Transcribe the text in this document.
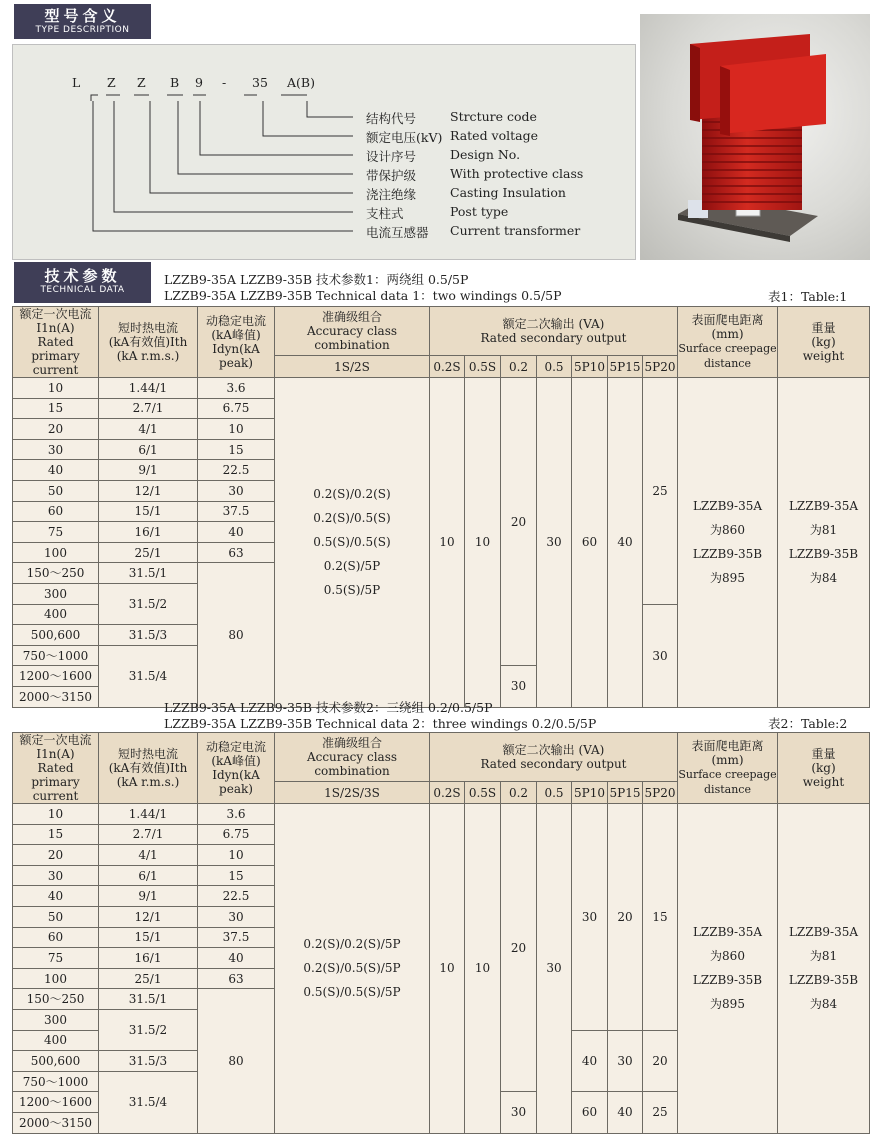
型号含义
TYPE DESCRIPTION
L Z Z B 9 - 35 A(B)
结构代号	Strcture code
额定电压(kV) Rated voltage
设计序号	Design No.
带保护级	With protective class
浇注绝缘	Casting Insulation
支柱式	Post type
电流互感器 Current transformer
技术参数
TECHNICAL DATA
LZZB9-35A LZZB9-35B 技术参数1：两绕组 0.5/5P
LZZB9-35A LZZB9-35B Technical data 1：two windings 0.5/5P	表1：Table:1
额定一次电流
I1n(A)
Rated primary
current	短时热电流
(kA有效值)Ith
(kA r.m.s.)	动稳定电流
(kA峰值)
Idyn(kA peak)	准确级组合
Accuracy class combination	额定二次输出 (VA)
Rated secondary output							表面爬电距离
(mm)
Surface creepage
distance	重量
(kg)
weight
			1S/2S	0.2S	0.5S	0.2	0.5	5P10	5P15	5P20		
10	1.44/1	3.6	0.2(S)/0.2(S)
0.2(S)/0.5(S)
0.5(S)/0.5(S)
0.2(S)/5P
0.5(S)/5P	10	10	20	30	60	40	25	LZZB9-35A
为860
LZZB9-35B
为895	LZZB9-35A
为81
LZZB9-35B
为84
15	2.7/1	6.75										
20	4/1	10										
30	6/1	15										
40	9/1	22.5										
50	12/1	30										
60	15/1	37.5										
75	16/1	40										
100	25/1	63										
150～250	31.5/1	80										
300	31.5/2											
400										30		
500,600	31.5/3											
750～1000	31.5/4											
1200～1600						30						
2000～3150												
LZZB9-35A LZZB9-35B 技术参数2：三绕组 0.2/0.5/5P
LZZB9-35A LZZB9-35B Technical data 2：three windings 0.2/0.5/5P	表2：Table:2
额定一次电流
I1n(A)
Rated primary
current	短时热电流
(kA有效值)Ith
(kA r.m.s.)	动稳定电流
(kA峰值)
Idyn(kA peak)	准确级组合
Accuracy class combination	额定二次输出 (VA)
Rated secondary output							表面爬电距离
(mm)
Surface creepage
distance	重量
(kg)
weight
			1S/2S/3S	0.2S	0.5S	0.2	0.5	5P10	5P15	5P20		
10	1.44/1	3.6	0.2(S)/0.2(S)/5P
0.2(S)/0.5(S)/5P
0.5(S)/0.5(S)/5P	10	10	20	30	30	20	15	LZZB9-35A
为860
LZZB9-35B
为895	LZZB9-35A
为81
LZZB9-35B
为84
15	2.7/1	6.75										
20	4/1	10										
30	6/1	15										
40	9/1	22.5										
50	12/1	30										
60	15/1	37.5										
75	16/1	40										
100	25/1	63										
150～250	31.5/1	80										
300	31.5/2											
400								40	30	20		
500,600	31.5/3											
750～1000	31.5/4											
1200～1600						30		60	40	25		
2000～3150												
